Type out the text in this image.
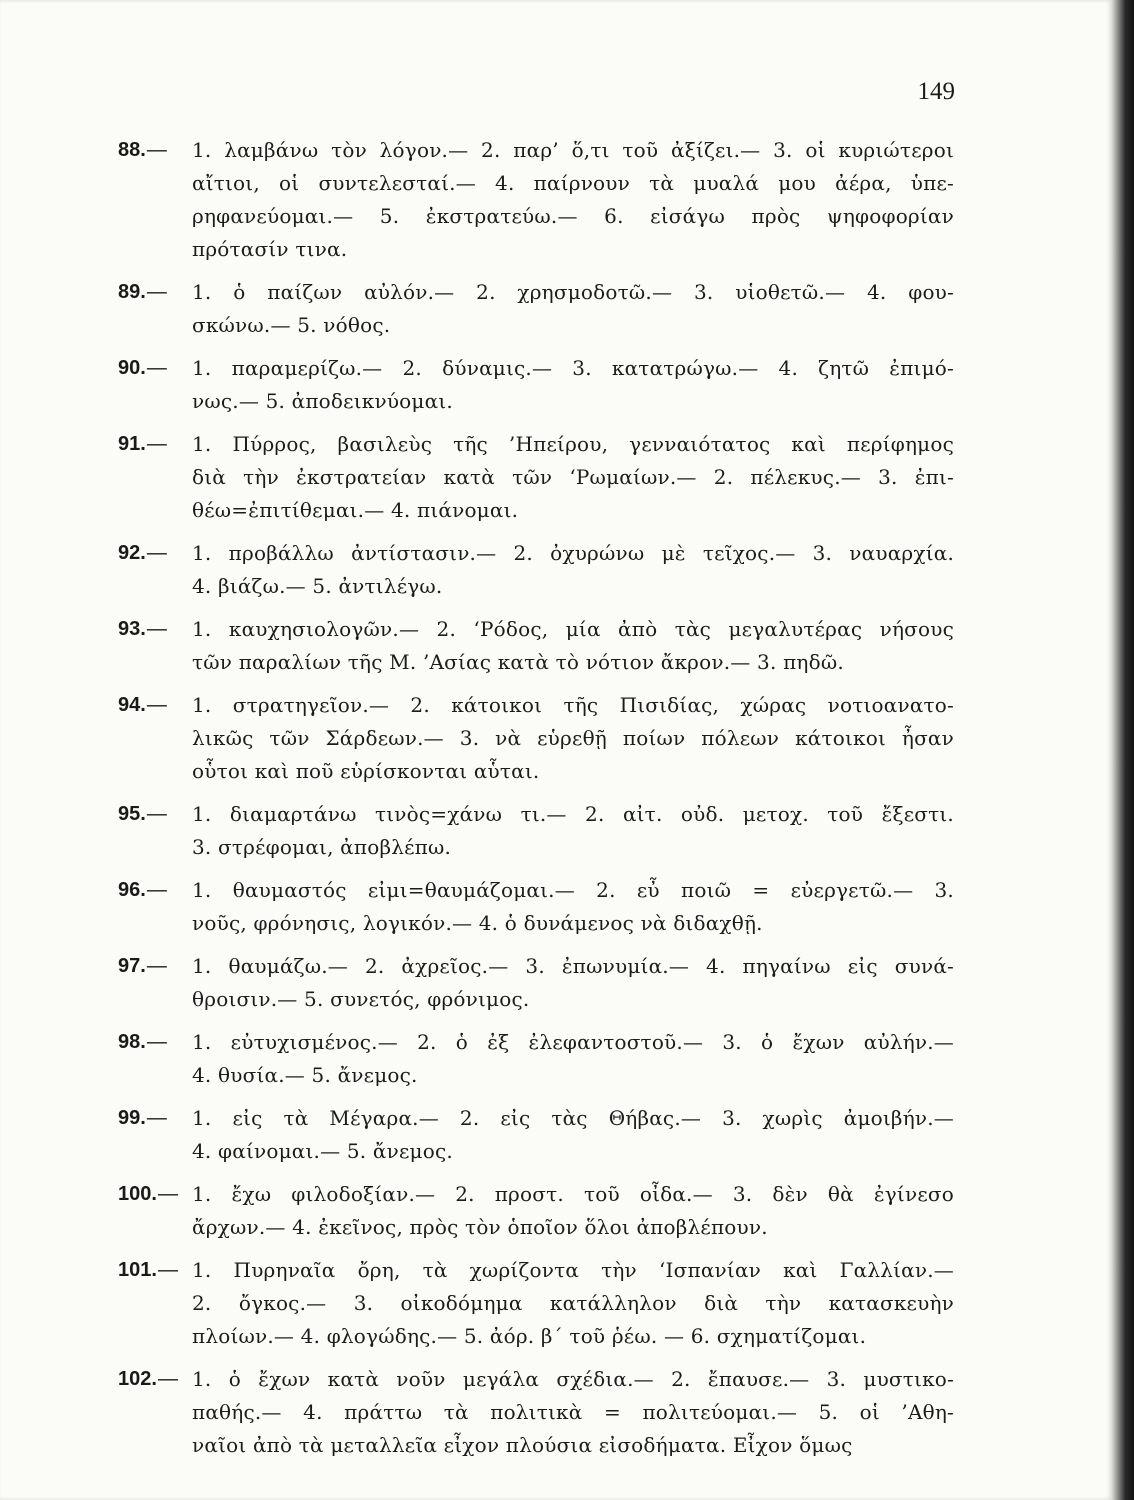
149
88. —	1. λαμβάνω τὸν λόγον.— 2. παρ’ ὅ,τι τοῦ ἀξίζει.— 3. οἱ κυριώτεροι
αἴτιοι, οἱ συντελεσταί.— 4. παίρνουν τὰ μυαλά μου ἀέρα, ὑπε-
ρηφανεύομαι.— 5. ἐκστρατεύω.— 6. εἰσάγω πρὸς ψηφοφορίαν
πρότασίν τινα.
89. —	1. ὁ παίζων αὐλόν.— 2. χρησμοδοτῶ.— 3. υἱοθετῶ.— 4. φου-
σκώνω.— 5. νόθος.
90. —	1. παραμερίζω.— 2. δύναμις.— 3. κατατρώγω.— 4. ζητῶ ἐπιμό-
νως.— 5. ἀποδεικνύομαι.
91. —	1. Πύρρος, βασιλεὺς τῆς ’Ηπείρου, γενναιότατος καὶ περίφημος
διὰ τὴν ἐκστρατείαν κατὰ τῶν ‘Ρωμαίων.— 2. πέλεκυς.— 3. ἐπι-
θέω=ἐπιτίθεμαι.— 4. πιάνομαι.
92. —	1. προβάλλω ἀντίστασιν.— 2. ὀχυρώνω μὲ τεῖχος.— 3. ναυαρχία.
4. βιάζω.— 5. ἀντιλέγω.
93. —	1. καυχησιολογῶν.— 2. ‘Ρόδος, μία ἀπὸ τὰς μεγαλυτέρας νήσους
τῶν παραλίων τῆς Μ. ’Ασίας κατὰ τὸ νότιον ἄκρον.— 3. πηδῶ.
94. —	1. στρατηγεῖον.— 2. κάτοικοι τῆς Πισιδίας, χώρας νοτιοανατο-
λικῶς τῶν Σάρδεων.— 3. νὰ εὑρεθῇ ποίων πόλεων κάτοικοι ἦσαν
οὗτοι καὶ ποῦ εὑρίσκονται αὗται.
95. —	1. διαμαρτάνω τινὸς=χάνω τι.— 2. αἰτ. οὐδ. μετοχ. τοῦ ἔξεστι.
3. στρέφομαι, ἀποβλέπω.
96. —	1. θαυμαστός εἰμι=θαυμάζομαι.— 2. εὖ ποιῶ = εὐεργετῶ.— 3.
νοῦς, φρόνησις, λογικόν.— 4. ὁ δυνάμενος νὰ διδαχθῇ.
97. —	1. θαυμάζω.— 2. ἀχρεῖος.— 3. ἐπωνυμία.— 4. πηγαίνω εἰς συνά-
θροισιν.— 5. συνετός, φρόνιμος.
98. —	1. εὐτυχισμένος.— 2. ὁ ἐξ ἐλεφαντοστοῦ.— 3. ὁ ἔχων αὐλήν.—
4. θυσία.— 5. ἄνεμος.
99. —	1. εἰς τὰ Μέγαρα.— 2. εἰς τὰς Θήβας.— 3. χωρὶς ἀμοιβήν.—
4. φαίνομαι.— 5. ἄνεμος.
100. —	1. ἔχω φιλοδοξίαν.— 2. προστ. τοῦ οἶδα.— 3. δὲν θὰ ἐγίνεσο
ἄρχων.— 4. ἐκεῖνος, πρὸς τὸν ὁποῖον ὅλοι ἀποβλέπουν.
101. —	1. Πυρηναῖα ὄρη, τὰ χωρίζοντα τὴν ‘Ισπανίαν καὶ Γαλλίαν.—
2. ὄγκος.— 3. οἰκοδόμημα κατάλληλον διὰ τὴν κατασκευὴν
πλοίων.— 4. φλογώδης.— 5. ἀόρ. β΄ τοῦ ῥέω. — 6. σχηματίζομαι.
102. —	1. ὁ ἔχων κατὰ νοῦν μεγάλα σχέδια.— 2. ἔπαυσε.— 3. μυστικο-
παθής.— 4. πράττω τὰ πολιτικὰ = πολιτεύομαι.— 5. οἱ ’Αθη-
ναῖοι ἀπὸ τὰ μεταλλεῖα εἶχον πλούσια εἰσοδήματα. Εἶχον ὅμως
